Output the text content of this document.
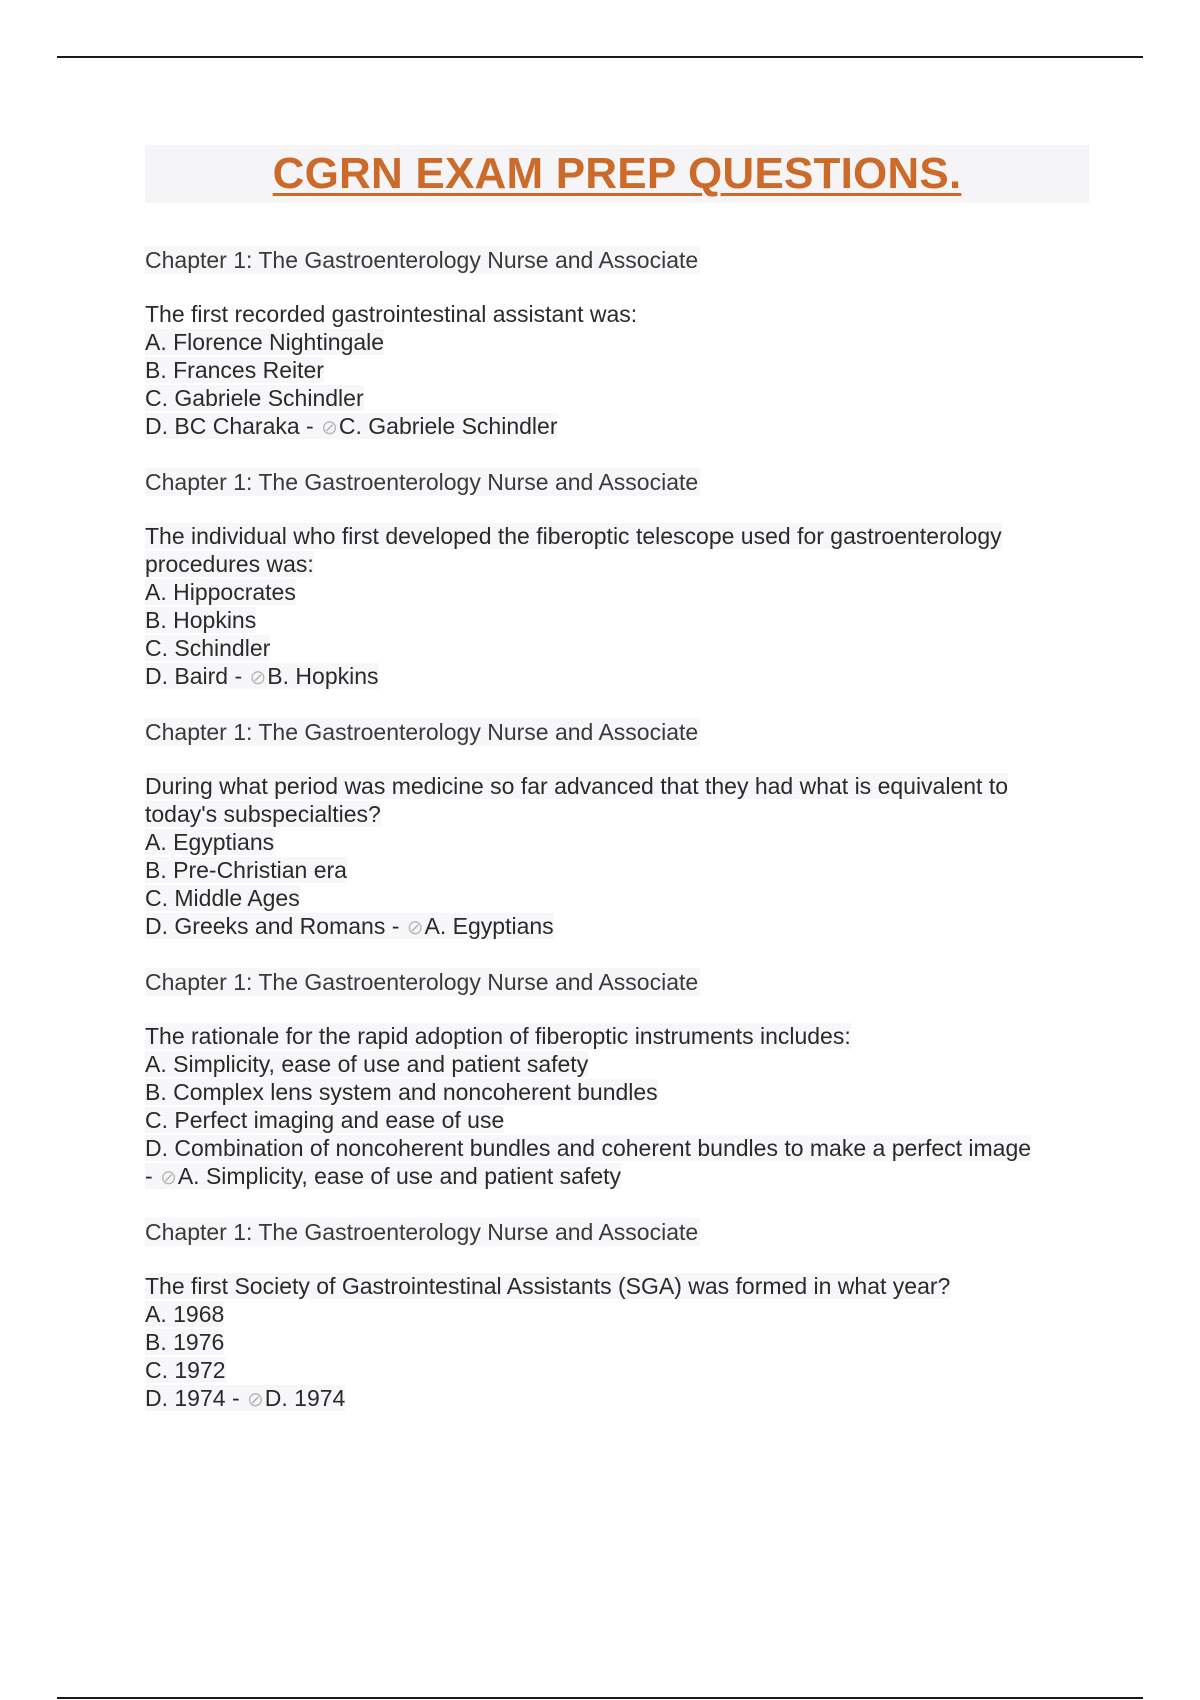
CGRN EXAM PREP QUESTIONS.
Chapter 1: The Gastroenterology Nurse and Associate
The first recorded gastrointestinal assistant was:
A. Florence Nightingale
B. Frances Reiter
C. Gabriele Schindler
D. BC Charaka - ⊘C. Gabriele Schindler
Chapter 1: The Gastroenterology Nurse and Associate
The individual who first developed the fiberoptic telescope used for gastroenterology
procedures was:
A. Hippocrates
B. Hopkins
C. Schindler
D. Baird - ⊘B. Hopkins
Chapter 1: The Gastroenterology Nurse and Associate
During what period was medicine so far advanced that they had what is equivalent to
today's subspecialties?
A. Egyptians
B. Pre-Christian era
C. Middle Ages
D. Greeks and Romans - ⊘A. Egyptians
Chapter 1: The Gastroenterology Nurse and Associate
The rationale for the rapid adoption of fiberoptic instruments includes:
A. Simplicity, ease of use and patient safety
B. Complex lens system and noncoherent bundles
C. Perfect imaging and ease of use
D. Combination of noncoherent bundles and coherent bundles to make a perfect image
- ⊘A. Simplicity, ease of use and patient safety
Chapter 1: The Gastroenterology Nurse and Associate
The first Society of Gastrointestinal Assistants (SGA) was formed in what year?
A. 1968
B. 1976
C. 1972
D. 1974 - ⊘D. 1974
